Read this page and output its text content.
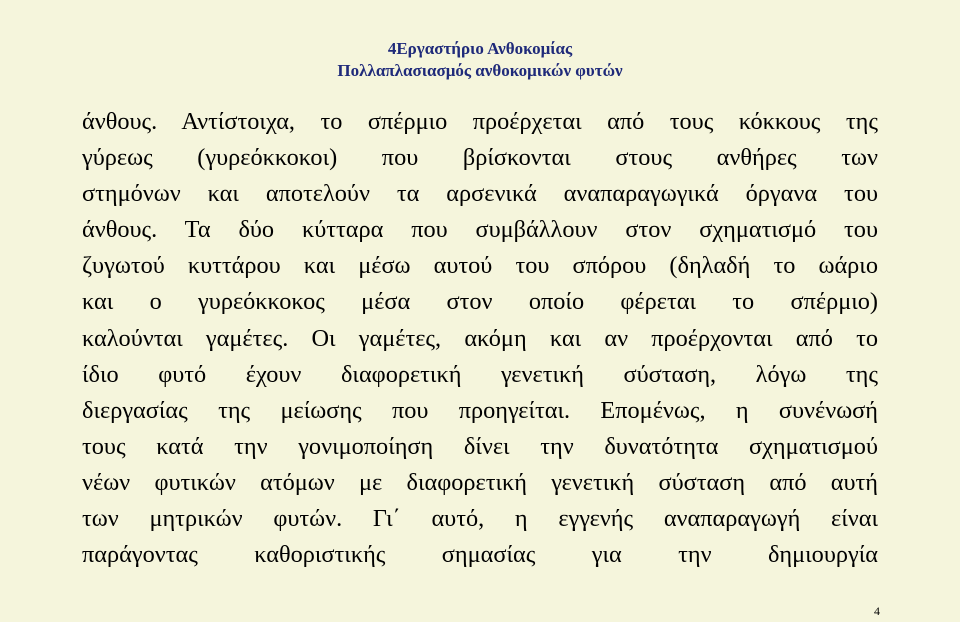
4Εργαστήριο Ανθοκομίας
Πολλαπλασιασμός ανθοκομικών φυτών
άνθους. Αντίστοιχα, το σπέρμιο προέρχεται από τους κόκκους της
γύρεως (γυρεόκκοκοι) που βρίσκονται στους ανθήρες των
στημόνων και αποτελούν τα αρσενικά αναπαραγωγικά όργανα του
άνθους. Τα δύο κύτταρα που συμβάλλουν στον σχηματισμό του
ζυγωτού κυττάρου και μέσω αυτού του σπόρου (δηλαδή το ωάριο
και ο γυρεόκκοκος μέσα στον οποίο φέρεται το σπέρμιο)
καλούνται γαμέτες. Οι γαμέτες, ακόμη και αν προέρχονται από το
ίδιο φυτό έχουν διαφορετική γενετική σύσταση, λόγω της
διεργασίας της μείωσης που προηγείται. Επομένως, η συνένωσή
τους κατά την γονιμοποίηση δίνει την δυνατότητα σχηματισμού
νέων φυτικών ατόμων με διαφορετική γενετική σύσταση από αυτή
των μητρικών φυτών. Γι΄ αυτό, η εγγενής αναπαραγωγή είναι
παράγοντας καθοριστικής σημασίας για την δημιουργία
4
